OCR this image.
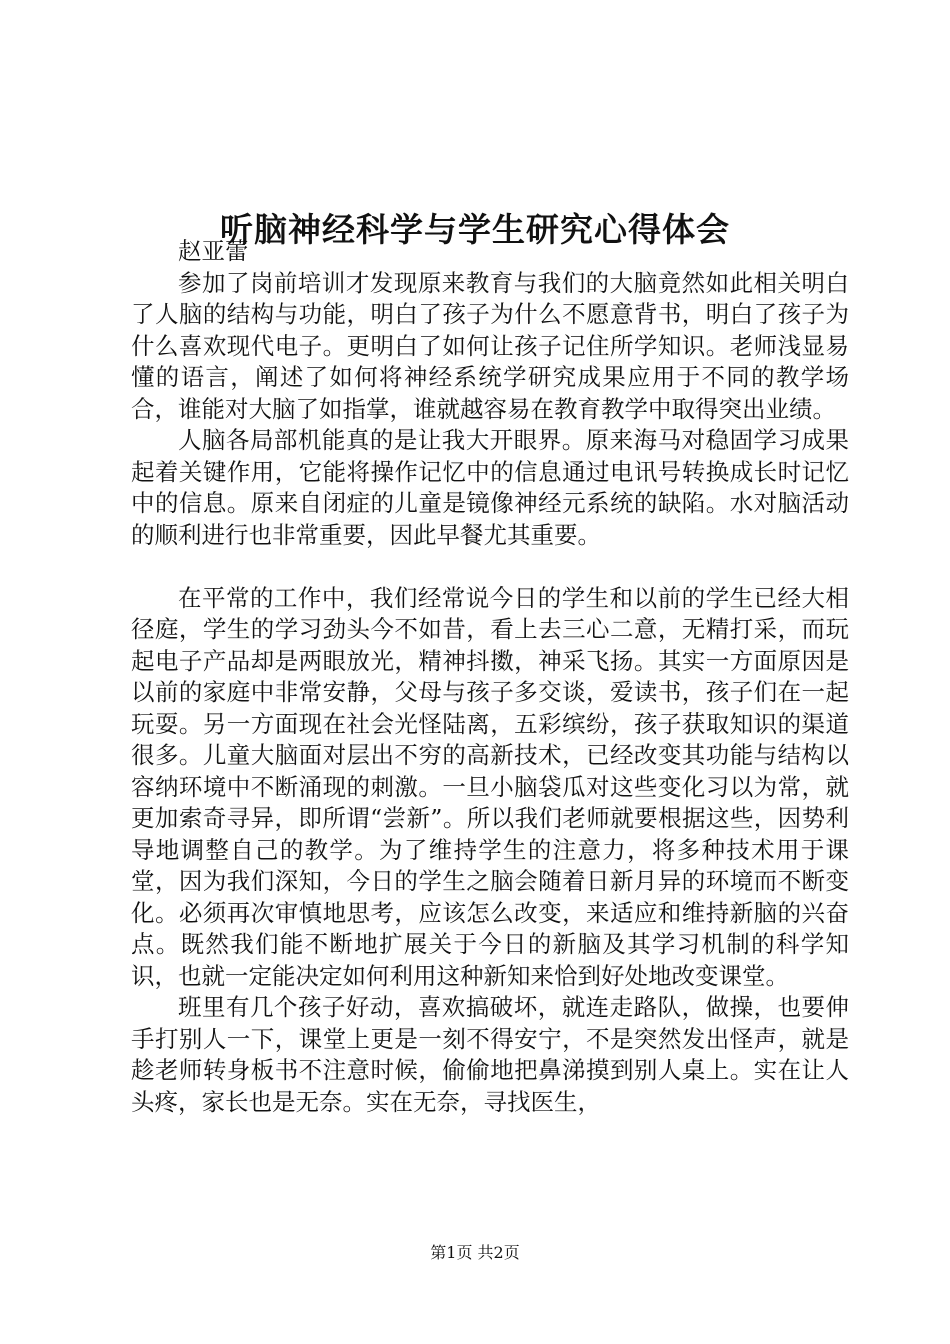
听脑神经科学与学生研究心得体会

赵亚蕾

参加了岗前培训才发现原来教育与我们的大脑竟然如此相关明白了人脑的结构与功能，明白了孩子为什么不愿意背书，明白了孩子为什么喜欢现代电子。更明白了如何让孩子记住所学知识。老师浅显易懂的语言，阐述了如何将神经系统学研究成果应用于不同的教学场合，谁能对大脑了如指掌，谁就越容易在教育教学中取得突出业绩。

人脑各局部机能真的是让我大开眼界。原来海马对稳固学习成果起着关键作用，它能将操作记忆中的信息通过电讯号转换成长时记忆中的信息。原来自闭症的儿童是镜像神经元系统的缺陷。水对脑活动的顺利进行也非常重要，因此早餐尤其重要。

在平常的工作中，我们经常说今日的学生和以前的学生已经大相径庭，学生的学习劲头今不如昔，看上去三心二意，无精打采，而玩起电子产品却是两眼放光，精神抖擞，神采飞扬。其实一方面原因是以前的家庭中非常安静，父母与孩子多交谈，爱读书，孩子们在一起玩耍。另一方面现在社会光怪陆离，五彩缤纷，孩子获取知识的渠道很多。儿童大脑面对层出不穷的高新技术，已经改变其功能与结构以容纳环境中不断涌现的刺激。一旦小脑袋瓜对这些变化习以为常，就更加索奇寻异，即所谓“尝新”。所以我们老师就要根据这些，因势利导地调整自己的教学。为了维持学生的注意力，将多种技术用于课堂，因为我们深知，今日的学生之脑会随着日新月异的环境而不断变化。必须再次审慎地思考，应该怎么改变，来适应和维持新脑的兴奋点。既然我们能不断地扩展关于今日的新脑及其学习机制的科学知识，也就一定能决定如何利用这种新知来恰到好处地改变课堂。

班里有几个孩子好动，喜欢搞破坏，就连走路队，做操，也要伸手打别人一下，课堂上更是一刻不得安宁，不是突然发出怪声，就是趁老师转身板书不注意时候，偷偷地把鼻涕摸到别人桌上。实在让人头疼，家长也是无奈。实在无奈，寻找医生，

第1页 共2页
